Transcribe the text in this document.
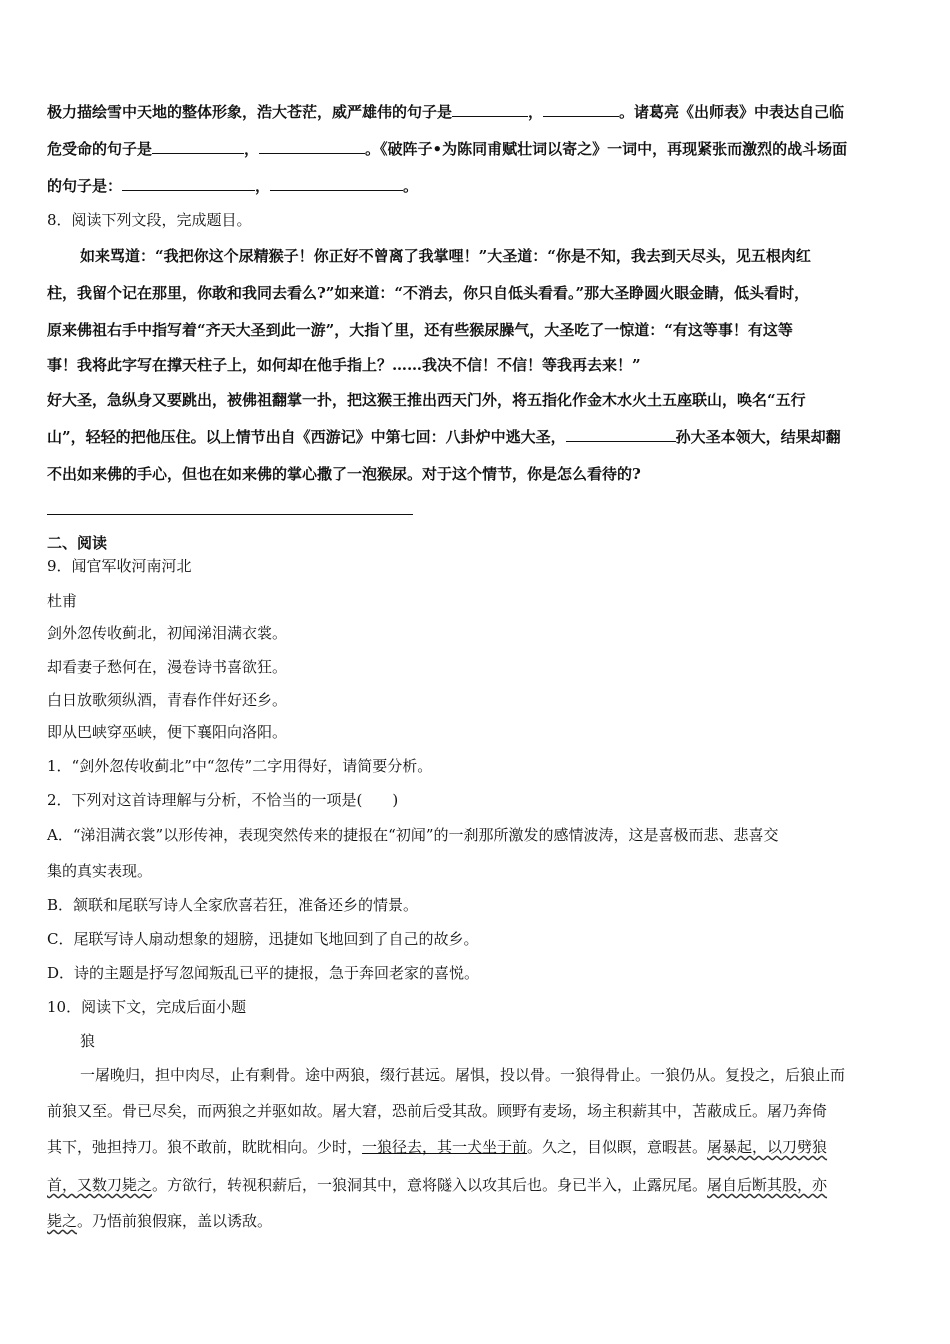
极力描绘雪中天地的整体形象，浩大苍茫，威严雄伟的句子是	，	。诸葛亮《出师表》中表达自己临
危受命的句子是	，	。《破阵子•为陈同甫赋壮词以寄之》一词中，再现紧张而激烈的战斗场面
的句子是：	，	。
8．阅读下列文段，完成题目。
如来骂道：“我把你这个尿精猴子！你正好不曾离了我掌哩！”大圣道：“你是不知，我去到天尽头，见五根肉红
柱，我留个记在那里，你敢和我同去看么?”如来道：“不消去，你只自低头看看。”那大圣睁圆火眼金睛，低头看时，
原来佛祖右手中指写着“齐天大圣到此一游”，大指丫里，还有些猴尿臊气，大圣吃了一惊道：“有这等事！有这等
事！我将此字写在撑天柱子上，如何却在他手指上？……我决不信！不信！等我再去来！”
好大圣，急纵身又要跳出，被佛祖翻掌一扑，把这猴王推出西天门外，将五指化作金木水火土五座联山，唤名“五行
山”，轻轻的把他压住。以上情节出自《西游记》中第七回：八卦炉中逃大圣，	孙大圣本领大，结果却翻
不出如来佛的手心，但也在如来佛的掌心撒了一泡猴尿。对于这个情节，你是怎么看待的?
二、阅读
9．闻官军收河南河北
杜甫
剑外忽传收蓟北，初闻涕泪满衣裳。
却看妻子愁何在，漫卷诗书喜欲狂。
白日放歌须纵酒，青春作伴好还乡。
即从巴峡穿巫峡，便下襄阳向洛阳。
1．“剑外忽传收蓟北”中“忽传”二字用得好，请简要分析。
2．下列对这首诗理解与分析，不恰当的一项是(　　)
A．“涕泪满衣裳”以形传神，表现突然传来的捷报在“初闻”的一刹那所激发的感情波涛，这是喜极而悲、悲喜交
集的真实表现。
B．颔联和尾联写诗人全家欣喜若狂，准备还乡的情景。
C．尾联写诗人扇动想象的翅膀，迅捷如飞地回到了自己的故乡。
D．诗的主题是抒写忽闻叛乱已平的捷报，急于奔回老家的喜悦。
10．阅读下文，完成后面小题
狼
一屠晚归，担中肉尽，止有剩骨。途中两狼，缀行甚远。屠惧，投以骨。一狼得骨止。一狼仍从。复投之，后狼止而
前狼又至。骨已尽矣，而两狼之并驱如故。屠大窘，恐前后受其敌。顾野有麦场，场主积薪其中，苫蔽成丘。屠乃奔倚
其下，弛担持刀。狼不敢前，眈眈相向。少时，一狼径去，其一犬坐于前。久之，目似瞑，意暇甚。屠暴起，以刀劈狼
首，又数刀毙之。方欲行，转视积薪后，一狼洞其中，意将隧入以攻其后也。身已半入，止露尻尾。屠自后断其股，亦
毙之。乃悟前狼假寐，盖以诱敌。
